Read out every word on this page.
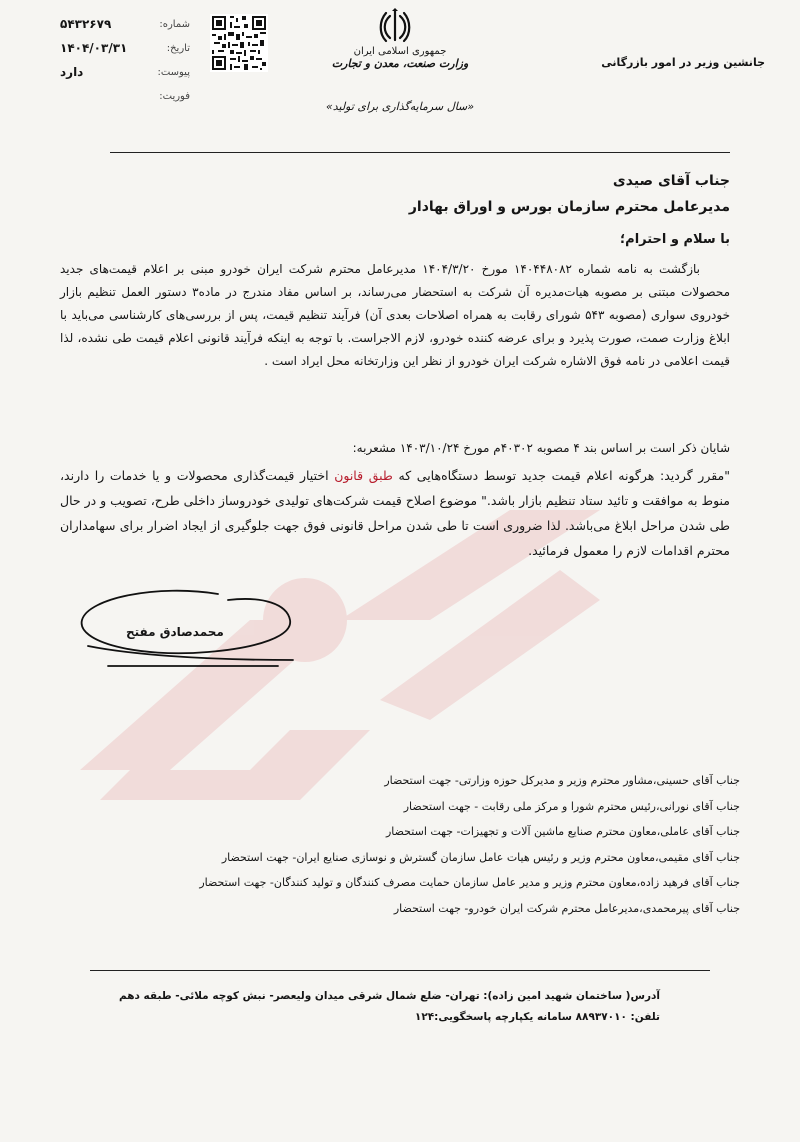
شماره:
۵۴۳۲۶۷۹
تاریخ:
۱۴۰۴/۰۳/۳۱
پیوست:
دارد
فوریت:
جمهوری اسلامی ایران
وزارت صنعت، معدن و تجارت
«سال سرمایه‌گذاری برای تولید»
جانشین وزیر در امور بازرگانی
جناب آقای صیدی
مدیرعامل محترم سازمان بورس و اوراق بهادار
با سلام و احترام؛
بازگشت به نامه شماره ۱۴۰۴۴۸۰۸۲ مورخ ۱۴۰۴/۳/۲۰ مدیرعامل محترم شرکت ایران خودرو مبنی بر اعلام قیمت‌های جدید محصولات مبتنی بر مصوبه هیات‌مدیره آن شرکت به استحضار می‌رساند، بر اساس مفاد مندرج در ماده۳ دستور العمل تنظیم بازار خودروی سواری (مصوبه ۵۴۳ شورای رقابت به همراه اصلاحات بعدی آن) فرآیند تنظیم قیمت، پس از بررسی‌های کارشناسی می‌باید با ابلاغ وزارت صمت، صورت پذیرد و برای عرضه کننده خودرو، لازم الاجراست. با توجه به اینکه فرآیند قانونی اعلام قیمت طی نشده، لذا قیمت اعلامی در نامه فوق الاشاره شرکت ایران خودرو از نظر این وزارتخانه محل ایراد است .
شایان ذکر است بر اساس بند ۴ مصوبه ۴۰۳۰۲م مورخ ۱۴۰۳/۱۰/۲۴ مشعربه:
"مقرر گردید: هرگونه اعلام قیمت جدید توسط دستگاه‌هایی که طبق قانون اختیار قیمت‌گذاری محصولات و یا خدمات را دارند، منوط به موافقت و تائید ستاد تنظیم بازار باشد." موضوع اصلاح قیمت شرکت‌های تولیدی خودروساز داخلی طرح، تصویب و در حال طی شدن مراحل ابلاغ می‌باشد. لذا ضروری است تا طی شدن مراحل قانونی فوق جهت جلوگیری از ایجاد اضرار برای سهامداران محترم اقدامات لازم را معمول فرمائید.
محمدصادق مفتح
جناب آقای حسینی،مشاور محترم وزیر و مدیرکل حوزه وزارتی- جهت استحضار
جناب آقای نورانی،رئیس محترم شورا و مرکز ملی رقابت - جهت استحضار
جناب آقای عاملی،معاون محترم صنایع ماشین آلات و تجهیزات- جهت استحضار
جناب آقای مقیمی،معاون محترم وزیر و رئیس هیات عامل سازمان گسترش و نوسازی صنایع ایران- جهت استحضار
جناب آقای فرهید زاده،معاون محترم وزیر و مدیر عامل سازمان حمایت مصرف کنندگان و تولید کنندگان- جهت استحضار
جناب آقای پیرمحمدی،مدیرعامل محترم شرکت ایران خودرو- جهت استحضار
آدرس( ساختمان شهید امین زاده): تهران- ضلع شمال شرقی میدان ولیعصر- نبش کوچه ملائی- طبقه دهم
تلفن: ۸۸۹۳۷۰۱۰ سامانه یکپارچه پاسخگویی:۱۲۴
